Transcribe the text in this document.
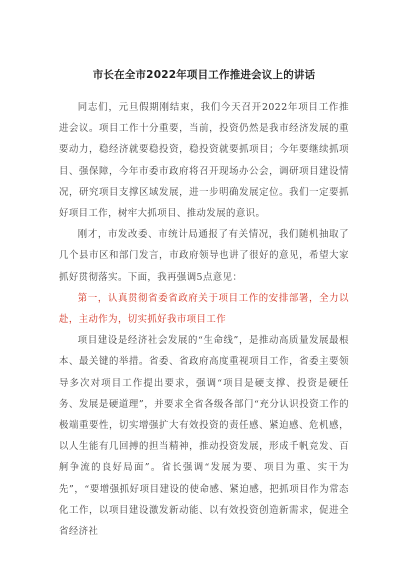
市长在全市2022年项目工作推进会议上的讲话

同志们，元旦假期刚结束，我们今天召开2022年项目工作推进会议。项目工作十分重要，当前，投资仍然是我市经济发展的重要动力，稳经济就要稳投资，稳投资就要抓项目；今年要继续抓项目、强保障，今年市委市政府将召开现场办公会，调研项目建设情况，研究项目支撑区域发展，进一步明确发展定位。我们一定要抓好项目工作，树牢大抓项目、推动发展的意识。

刚才，市发改委、市统计局通报了有关情况，我们随机抽取了几个县市区和部门发言，市政府领导也讲了很好的意见，希望大家抓好贯彻落实。下面，我再强调5点意见：

第一，认真贯彻省委省政府关于项目工作的安排部署，全力以赴，主动作为，切实抓好我市项目工作

项目建设是经济社会发展的“生命线”，是推动高质量发展最根本、最关键的举措。省委、省政府高度重视项目工作，省委主要领导多次对项目工作提出要求，强调“项目是硬支撑、投资是硬任务、发展是硬道理”，并要求全省各级各部门“充分认识投资工作的极端重要性，切实增强扩大有效投资的责任感、紧迫感、危机感，以人生能有几回搏的担当精神，推动投资发展，形成千帆竞发、百舸争流的良好局面”。省长强调“发展为要、项目为重、实干为先”，“要增强抓好项目建设的使命感、紧迫感，把抓项目作为常态化工作，以项目建设激发新动能、以有效投资创造新需求，促进全省经济社
